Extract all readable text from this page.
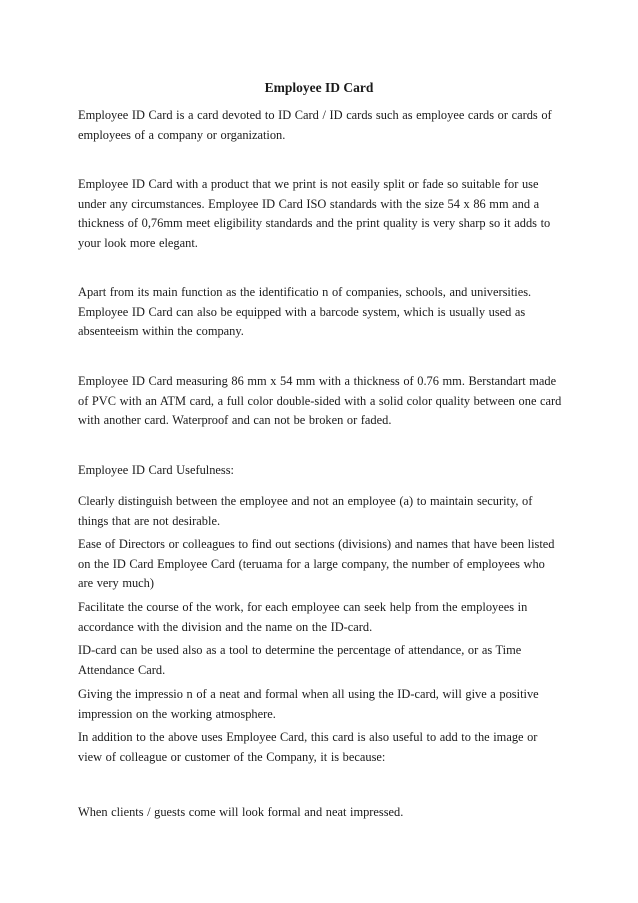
Employee ID Card

Employee ID Card is a card devoted to ID Card / ID cards such as employee cards or cards of employees of a company or organization.

Employee ID Card with a product that we print is not easily split or fade so suitable for use under any circumstances. Employee ID Card ISO standards with the size 54 x 86 mm and a thickness of 0,76mm meet eligibility standards and the print quality is very sharp so it adds to your look more elegant.

Apart from its main function as the identificatio n of companies, schools, and universities. Employee ID Card can also be equipped with a barcode system, which is usually used as absenteeism within the company.

Employee ID Card measuring 86 mm x 54 mm with a thickness of 0.76 mm. Berstandart made of PVC with an ATM card, a full color double-sided with a solid color quality between one card with another card. Waterproof and can not be broken or faded.

Employee ID Card Usefulness:

Clearly distinguish between the employee and not an employee (a) to maintain security, of things that are not desirable.

Ease of Directors or colleagues to find out sections (divisions) and names that have been listed on the ID Card Employee Card (teruama for a large company, the number of employees who are very much)

Facilitate the course of the work, for each employee can seek help from the employees in accordance with the division and the name on the ID-card.

ID-card can be used also as a tool to determine the percentage of attendance, or as Time Attendance Card.

Giving the impressio n of a neat and formal when all using the ID-card, will give a positive impression on the working atmosphere.

In addition to the above uses Employee Card, this card is also useful to add to the image or view of colleague or customer of the Company, it is because:

When clients / guests come will look formal and neat impressed.
